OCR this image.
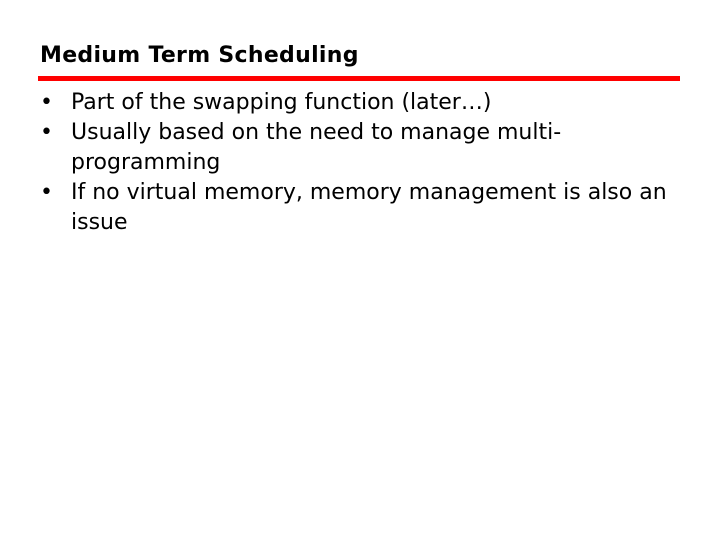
Medium Term Scheduling
• Part of the swapping function (later…)
• Usually based on the need to manage multi-programming
• If no virtual memory, memory management is also an issue
